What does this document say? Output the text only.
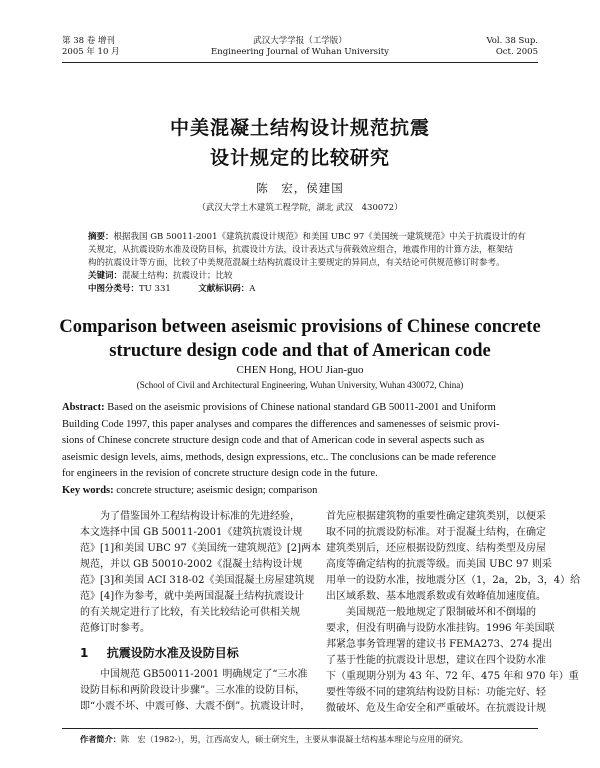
第 38 卷 增刊
2005 年 10 月
武汉大学学报（工学版）
Engineering Journal of Wuhan University
Vol. 38 Sup.
Oct. 2005
中美混凝土结构设计规范抗震
设计规定的比较研究
陈　宏，侯建国
（武汉大学土木建筑工程学院，湖北 武汉　430072）
摘要：根据我国 GB 50011-2001《建筑抗震设计规范》和美国 UBC 97《美国统一建筑规范》中关于抗震设计的有
关规定，从抗震设防水准及设防目标，抗震设计方法，设计表达式与荷载效应组合，地震作用的计算方法，框架结
构的抗震设计等方面，比较了中美规范混凝土结构抗震设计主要规定的异同点，有关结论可供规范修订时参考。
关键词：混凝土结构；抗震设计；比较
中图分类号：TU 331	文献标识码：A
Comparison between aseismic provisions of Chinese concrete
structure design code and that of American code
CHEN Hong, HOU Jian-guo
(School of Civil and Architectural Engineering, Wuhan University, Wuhan 430072, China)
Abstract: Based on the aseismic provisions of Chinese national standard GB 50011-2001 and Uniform
Building Code 1997, this paper analyses and compares the differences and samenesses of seismic provi-
sions of Chinese concrete structure design code and that of American code in several aspects such as
aseismic design levels, aims, methods, design expressions, etc.. The conclusions can be made reference
for engineers in the revision of concrete structure design code in the future.
Key words: concrete structure; aseismic design; comparison
为了借鉴国外工程结构设计标准的先进经验，
本文选择中国 GB 50011-2001《建筑抗震设计规
范》[1]和美国 UBC 97《美国统一建筑规范》[2]两本
规范，并以 GB 50010-2002《混凝土结构设计规
范》[3]和美国 ACI 318-02《美国混凝土房屋建筑规
范》[4]作为参考，就中美两国混凝土结构抗震设计
的有关规定进行了比较，有关比较结论可供相关规
范修订时参考。
1 抗震设防水准及设防目标
中国规范 GB50011-2001 明确规定了“三水准
设防目标和两阶段设计步骤”。三水准的设防目标，
即“小震不坏、中震可修、大震不倒”。抗震设计时，
首先应根据建筑物的重要性确定建筑类别，以便采
取不同的抗震设防标准。对于混凝土结构，在确定
建筑类别后，还应根据设防烈度、结构类型及房屋
高度等确定结构的抗震等级。而美国 UBC 97 则采
用单一的设防水准，按地震分区（1，2a，2b，3，4）给
出区域系数、基本地震系数或有效峰值加速度值。
美国规范一般地规定了限制破坏和不倒塌的
要求，但没有明确与设防水准挂钩。1996 年美国联
邦紧急事务管理署的建议书 FEMA273、274 提出
了基于性能的抗震设计思想，建议在四个设防水准
下（重现期分别为 43 年、72 年、475 年和 970 年）重
要性等级不同的建筑结构设防目标：功能完好、轻
微破坏、危及生命安全和严重破坏。在抗震设计规
作者简介：陈　宏（1982-），男，江西高安人，硕士研究生，主要从事混凝土结构基本理论与应用的研究。
